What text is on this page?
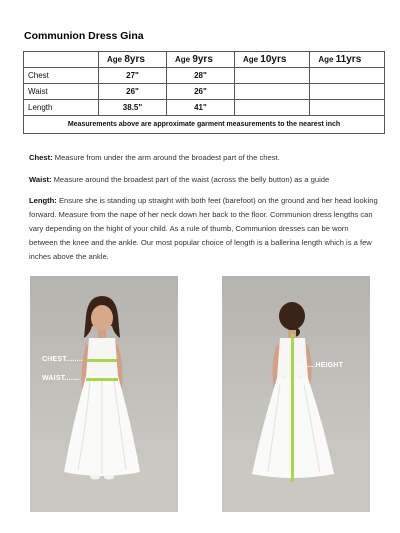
Communion Dress Gina
	Age 8yrs	Age 9yrs	Age 10yrs	Age 11yrs
Chest	27"	28"		
Waist	26"	26"		
Length	38.5"	41"		
Measurements above are approximate garment measurements to the nearest inch				
Chest: Measure from under the arm around the broadest part of the chest.
Waist: Measure around the broadest part of the waist (across the belly button) as a guide
Length: Ensure she is standing up straight with both feet (barefoot) on the ground and her head looking forward. Measure from the nape of her neck down her back to the floor. Communion dress lengths can vary depending on the hight of your child. As a rule of thumb, Communion dresses can be worn between the knee and the ankle. Our most popular choice of length is a ballerina length which is a few inches above the ankle.
CHEST........
WAIST.......
..........HEIGHT
